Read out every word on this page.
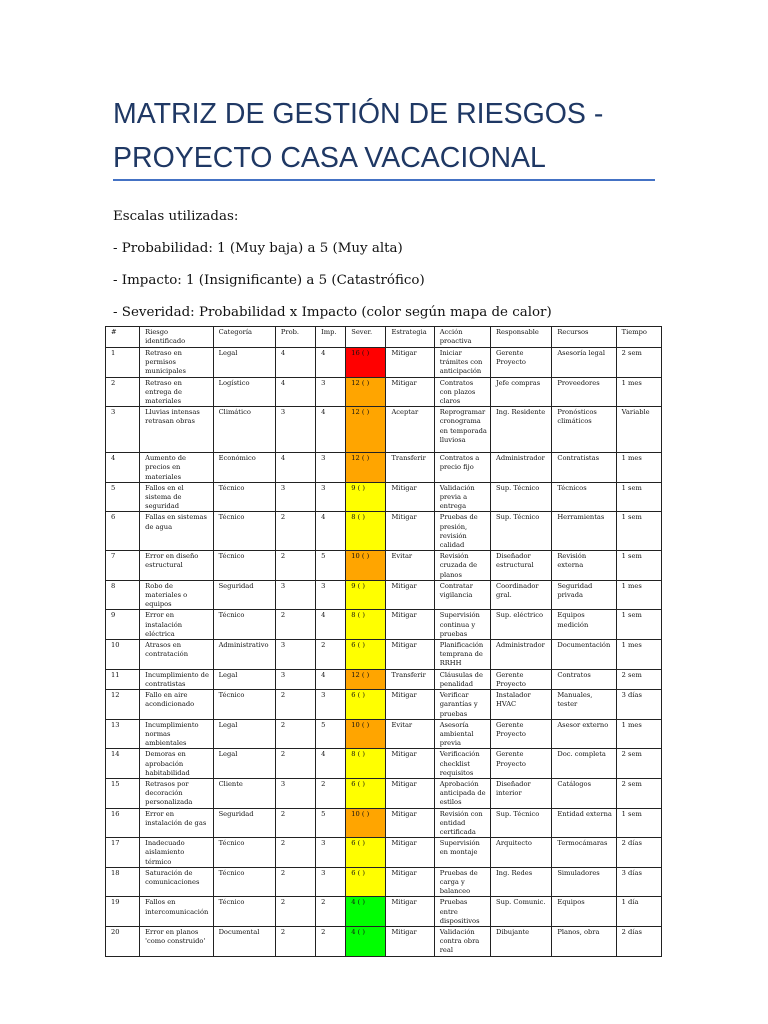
MATRIZ DE GESTIÓN DE RIESGOS -
PROYECTO CASA VACACIONAL

Escalas utilizadas:

- Probabilidad: 1 (Muy baja) a 5 (Muy alta)

- Impacto: 1 (Insignificante) a 5 (Catastrófico)

- Severidad: Probabilidad x Impacto (color según mapa de calor)

#	Riesgo identificado	Categoría	Prob.	Imp.	Sever.	Estrategia	Acción proactiva	Responsable	Recursos	Tiempo
1	Retraso en permisos municipales	Legal	4	4	16 ( )	Mitigar	Iniciar trámites con anticipación	Gerente Proyecto	Asesoría legal	2 sem
2	Retraso en entrega de materiales	Logístico	4	3	12 ( )	Mitigar	Contratos con plazos claros	Jefe compras	Proveedores	1 mes
3	Lluvias intensas retrasan obras	Climático	3	4	12 ( )	Aceptar	Reprogramar cronograma en temporada lluviosa	Ing. Residente	Pronósticos climáticos	Variable
4	Aumento de precios en materiales	Económico	4	3	12 ( )	Transferir	Contratos a precio fijo	Administrador	Contratistas	1 mes
5	Fallos en el sistema de seguridad	Técnico	3	3	9 ( )	Mitigar	Validación previa a entrega	Sup. Técnico	Técnicos	1 sem
6	Fallas en sistemas de agua	Técnico	2	4	8 ( )	Mitigar	Pruebas de presión, revisión calidad	Sup. Técnico	Herramientas	1 sem
7	Error en diseño estructural	Técnico	2	5	10 ( )	Evitar	Revisión cruzada de planos	Diseñador estructural	Revisión externa	1 sem
8	Robo de materiales o equipos	Seguridad	3	3	9 ( )	Mitigar	Contratar vigilancia	Coordinador gral.	Seguridad privada	1 mes
9	Error en instalación eléctrica	Técnico	2	4	8 ( )	Mitigar	Supervisión continua y pruebas	Sup. eléctrico	Equipos medición	1 sem
10	Atrasos en contratación	Administrativo	3	2	6 ( )	Mitigar	Planificación temprana de RRHH	Administrador	Documentación	1 mes
11	Incumplimiento de contratistas	Legal	3	4	12 ( )	Transferir	Cláusulas de penalidad	Gerente Proyecto	Contratos	2 sem
12	Fallo en aire acondicionado	Técnico	2	3	6 ( )	Mitigar	Verificar garantías y pruebas	Instalador HVAC	Manuales, tester	3 días
13	Incumplimiento normas ambientales	Legal	2	5	10 ( )	Evitar	Asesoría ambiental previa	Gerente Proyecto	Asesor externo	1 mes
14	Demoras en aprobación habitabilidad	Legal	2	4	8 ( )	Mitigar	Verificación checklist requisitos	Gerente Proyecto	Doc. completa	2 sem
15	Retrasos por decoración personalizada	Cliente	3	2	6 ( )	Mitigar	Aprobación anticipada de estilos	Diseñador interior	Catálogos	2 sem
16	Error en instalación de gas	Seguridad	2	5	10 ( )	Mitigar	Revisión con entidad certificada	Sup. Técnico	Entidad externa	1 sem
17	Inadecuado aislamiento térmico	Técnico	2	3	6 ( )	Mitigar	Supervisión en montaje	Arquitecto	Termocámaras	2 días
18	Saturación de comunicaciones	Técnico	2	3	6 ( )	Mitigar	Pruebas de carga y balanceo	Ing. Redes	Simuladores	3 días
19	Fallos en intercomunicación	Técnico	2	2	4 ( )	Mitigar	Pruebas entre dispositivos	Sup. Comunic.	Equipos	1 día
20	Error en planos 'como construido'	Documental	2	2	4 ( )	Mitigar	Validación contra obra real	Dibujante	Planos, obra	2 días
